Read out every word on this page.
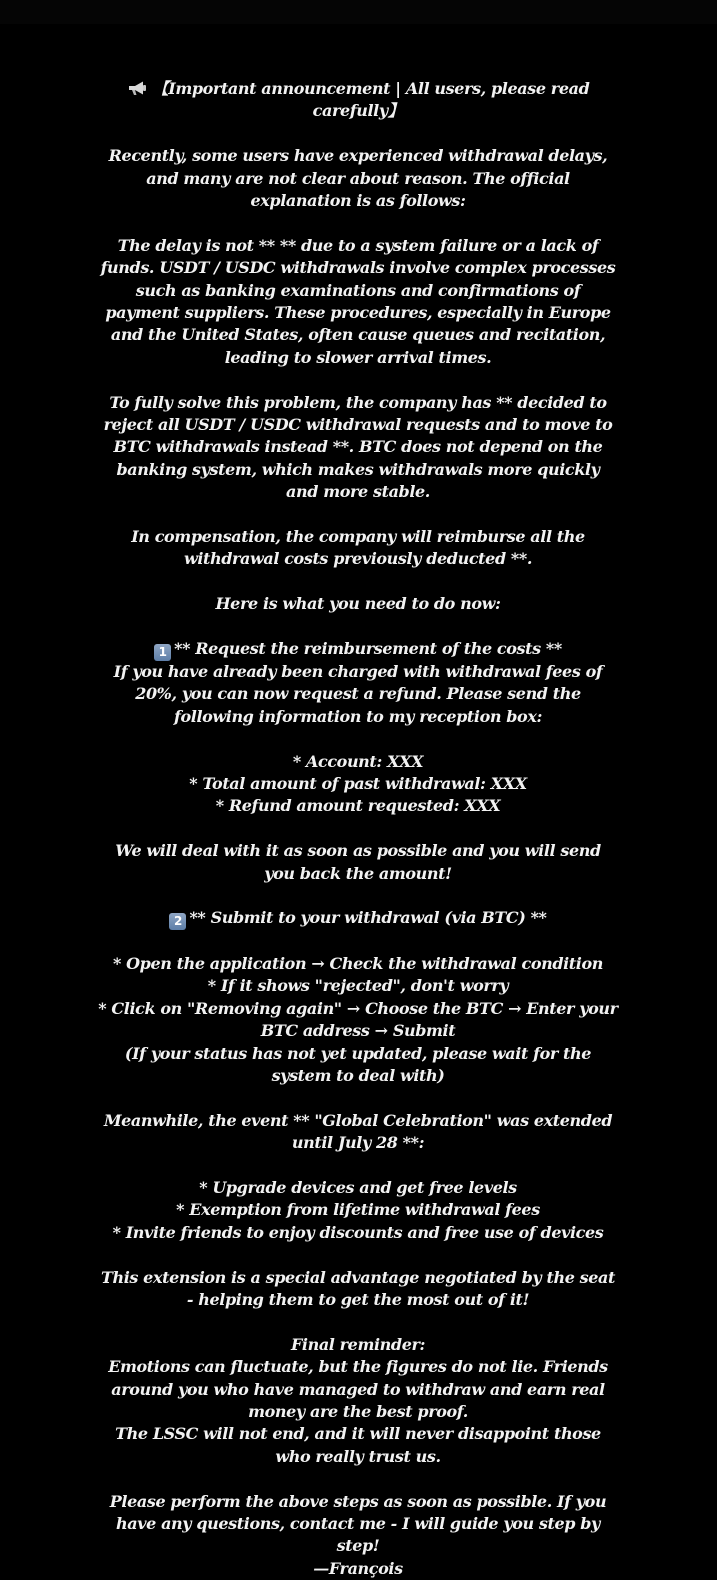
【Important announcement | All users, please read
carefully】
Recently, some users have experienced withdrawal delays,
and many are not clear about reason. The official
explanation is as follows:
The delay is not ** ** due to a system failure or a lack of
funds. USDT / USDC withdrawals involve complex processes
such as banking examinations and confirmations of
payment suppliers. These procedures, especially in Europe
and the United States, often cause queues and recitation,
leading to slower arrival times.
To fully solve this problem, the company has ** decided to
reject all USDT / USDC withdrawal requests and to move to
BTC withdrawals instead **. BTC does not depend on the
banking system, which makes withdrawals more quickly
and more stable.
In compensation, the company will reimburse all the
withdrawal costs previously deducted **.
Here is what you need to do now:
1 ** Request the reimbursement of the costs **
If you have already been charged with withdrawal fees of
20%, you can now request a refund. Please send the
following information to my reception box:
* Account: XXX
* Total amount of past withdrawal: XXX
* Refund amount requested: XXX
We will deal with it as soon as possible and you will send
you back the amount!
2 ** Submit to your withdrawal (via BTC) **
* Open the application → Check the withdrawal condition
* If it shows "rejected", don't worry
* Click on "Removing again" → Choose the BTC → Enter your
BTC address → Submit
(If your status has not yet updated, please wait for the
system to deal with)
Meanwhile, the event ** "Global Celebration" was extended
until July 28 **:
* Upgrade devices and get free levels
* Exemption from lifetime withdrawal fees
* Invite friends to enjoy discounts and free use of devices
This extension is a special advantage negotiated by the seat
- helping them to get the most out of it!
Final reminder:
Emotions can fluctuate, but the figures do not lie. Friends
around you who have managed to withdraw and earn real
money are the best proof.
The LSSC will not end, and it will never disappoint those
who really trust us.
Please perform the above steps as soon as possible. If you
have any questions, contact me - I will guide you step by
step!
—François
